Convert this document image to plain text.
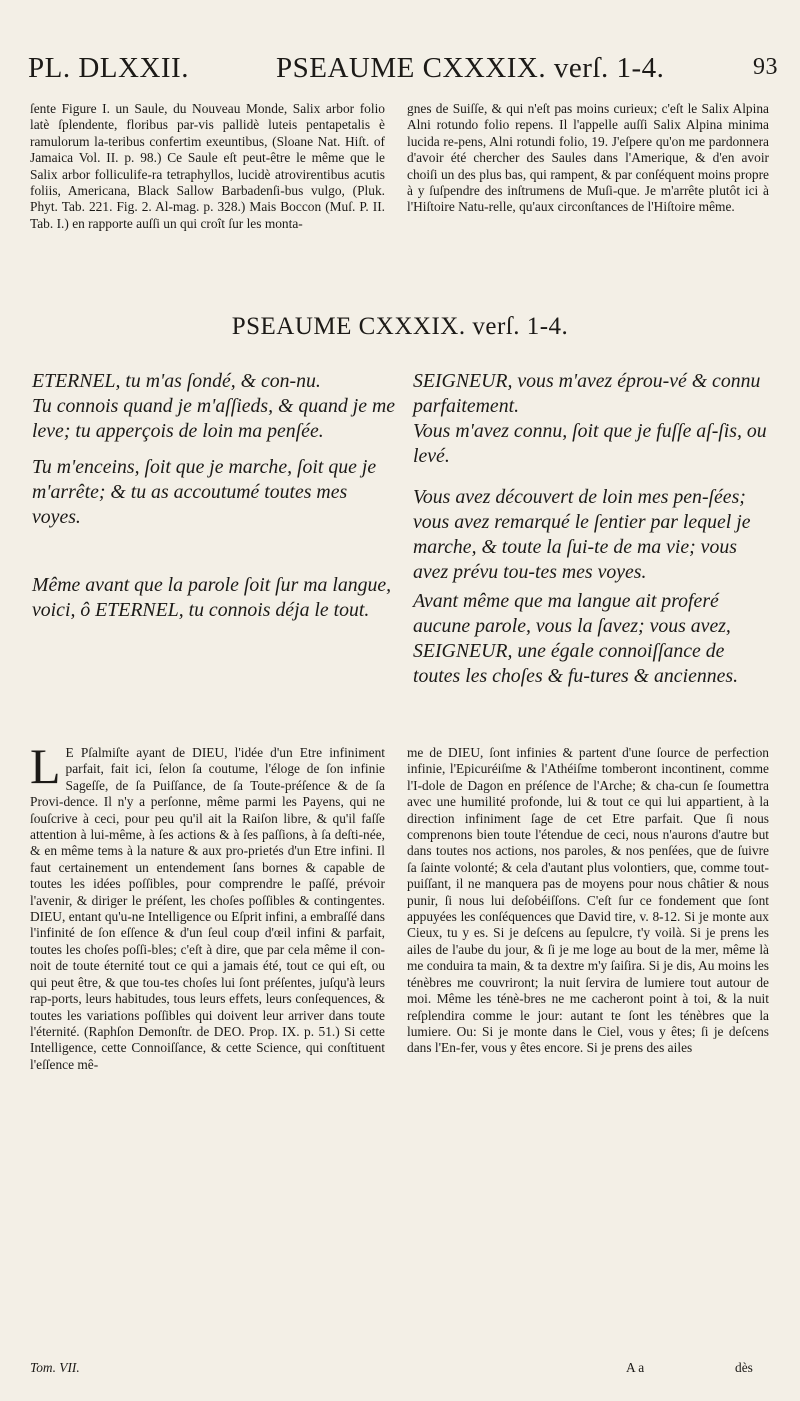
PL. DLXXII.	PSEAUME CXXXIX. verſ. 1-4.	93

ſente Figure I. un Saule, du Nouveau Monde, Salix arbor folio latè ſplendente, floribus par-vis pallidè luteis pentapetalis è ramulorum la-teribus confertim exeuntibus, (Sloane Nat. Hiſt. of Jamaica Vol. II. p. 98.) Ce Saule eſt peut-être le même que le Salix arbor folliculife-ra tetraphyllos, lucidè atrovirentibus acutis foliis, Americana, Black Sallow Barbadenſi-bus vulgo, (Pluk. Phyt. Tab. 221. Fig. 2. Al-mag. p. 328.) Mais Boccon (Muſ. P. II. Tab. I.) en rapporte auſſi un qui croît ſur les monta-

gnes de Suiſſe, & qui n'eſt pas moins curieux; c'eſt le Salix Alpina Alni rotundo folio repens. Il l'appelle auſſi Salix Alpina minima lucida re-pens, Alni rotundi folio, 19. J'eſpere qu'on me pardonnera d'avoir été chercher des Saules dans l'Amerique, & d'en avoir choiſi un des plus bas, qui rampent, & par conſéquent moins propre à y ſuſpendre des inſtrumens de Muſi-que. Je m'arrête plutôt ici à l'Hiſtoire Natu-relle, qu'aux circonſtances de l'Hiſtoire même.

PSEAUME CXXXIX. verſ. 1-4.

ETERNEL, tu m'as ſondé, & con-nu.

Tu connois quand je m'aſſieds, & quand je me leve; tu apperçois de loin ma penſée.

Tu m'enceins, ſoit que je marche, ſoit que je m'arrête; & tu as accoutumé toutes mes voyes.

Même avant que la parole ſoit ſur ma langue, voici, ô ETERNEL, tu connois déja le tout.

SEIGNEUR, vous m'avez éprou-vé & connu parfaitement.

Vous m'avez connu, ſoit que je fuſſe aſ-ſis, ou levé.

Vous avez découvert de loin mes pen-ſées; vous avez remarqué le ſentier par lequel je marche, & toute la ſui-te de ma vie; vous avez prévu tou-tes mes voyes.

Avant même que ma langue ait proferé aucune parole, vous la ſavez; vous avez, SEIGNEUR, une égale connoiſſance de toutes les choſes & fu-tures & anciennes.

L E Pſalmiſte ayant de DIEU, l'idée d'un Etre infiniment parfait, fait ici, ſelon ſa coutume, l'éloge de ſon infinie Sageſſe, de ſa Puiſſance, de ſa Toute-préſence & de ſa Provi-dence. Il n'y a perſonne, même parmi les Payens, qui ne ſouſcrive à ceci, pour peu qu'il ait la Raiſon libre, & qu'il faſſe attention à lui-même, à ſes actions & à ſes paſſions, à ſa deſti-née, & en même tems à la nature & aux pro-prietés d'un Etre infini. Il faut certainement un entendement ſans bornes & capable de toutes les idées poſſibles, pour comprendre le paſſé, prévoir l'avenir, & diriger le préſent, les choſes poſſibles & contingentes. DIEU, entant qu'u-ne Intelligence ou Eſprit infini, a embraſſé dans l'infinité de ſon eſſence & d'un ſeul coup d'œil infini & parfait, toutes les choſes poſſi-bles; c'eſt à dire, que par cela même il con-noit de toute éternité tout ce qui a jamais été, tout ce qui eſt, ou qui peut être, & que tou-tes choſes lui ſont préſentes, juſqu'à leurs rap-ports, leurs habitudes, tous leurs effets, leurs conſequences, & toutes les variations poſſibles qui doivent leur arriver dans toute l'éternité. (Raphſon Demonſtr. de DEO. Prop. IX. p. 51.) Si cette Intelligence, cette Connoiſſance, & cette Science, qui conſtituent l'eſſence mê-

me de DIEU, ſont infinies & partent d'une ſource de perfection infinie, l'Epicuréiſme & l'Athéiſme tomberont incontinent, comme l'I-dole de Dagon en préſence de l'Arche; & cha-cun ſe ſoumettra avec une humilité profonde, lui & tout ce qui lui appartient, à la direction infiniment ſage de cet Etre parfait. Que ſi nous comprenons bien toute l'étendue de ceci, nous n'aurons d'autre but dans toutes nos actions, nos paroles, & nos penſées, que de ſuivre ſa ſainte volonté; & cela d'autant plus volontiers, que, comme tout-puiſſant, il ne manquera pas de moyens pour nous châtier & nous punir, ſi nous lui deſobéiſſons. C'eſt ſur ce fondement que ſont appuyées les conſéquences que David tire, v. 8-12. Si je monte aux Cieux, tu y es. Si je deſcens au ſepulcre, t'y voilà. Si je prens les ailes de l'aube du jour, & ſi je me loge au bout de la mer, même là me conduira ta main, & ta dextre m'y ſaiſira. Si je dis, Au moins les ténèbres me couvriront; la nuit ſervira de lumiere tout autour de moi. Même les ténè-bres ne me cacheront point à toi, & la nuit reſplendira comme le jour: autant te ſont les ténèbres que la lumiere. Ou: Si je monte dans le Ciel, vous y êtes; ſi je deſcens dans l'En-fer, vous y êtes encore. Si je prens des ailes

Tom. VII.	A a	dès
